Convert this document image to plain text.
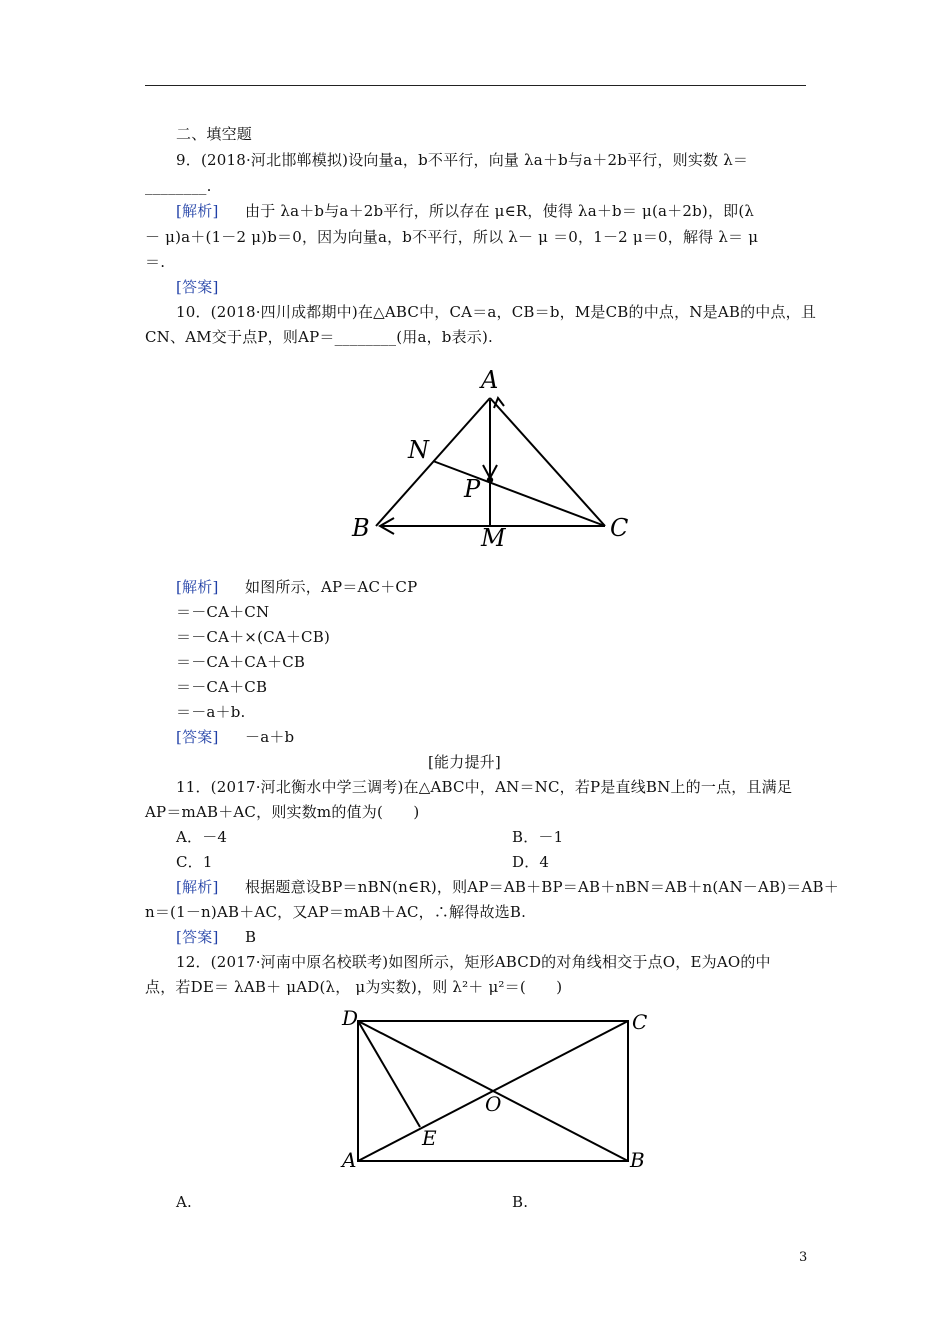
二、填空题
9．(2018·河北邯郸模拟)设向量a，b不平行，向量 λa＋b与a＋2b平行，则实数 λ＝
________.
[解析] 由于 λa＋b与a＋2b平行，所以存在 μ∈R，使得 λa＋b＝ μ(a＋2b)，即(λ
－ μ)a＋(1－2 μ)b＝0，因为向量a，b不平行，所以 λ－ μ ＝0，1－2 μ＝0，解得 λ＝ μ
＝.
[答案]
10．(2018·四川成都期中)在△ABC中，CA＝a，CB＝b，M是CB的中点，N是AB的中点，且
CN、AM交于点P，则AP＝________(用a，b表示).
A
N
P
B	M	C
[解析] 如图所示，AP＝AC＋CP
＝－CA＋CN
＝－CA＋×(CA＋CB)
＝－CA＋CA＋CB
＝－CA＋CB
＝－a＋b.
[答案] －a＋b
[能力提升]
11．(2017·河北衡水中学三调考)在△ABC中，AN＝NC，若P是直线BN上的一点，且满足
AP＝mAB＋AC，则实数m的值为(　　)
A．－4	B．－1
C．1	D．4
[解析] 根据题意设BP＝nBN(n∈R)，则AP＝AB＋BP＝AB＋nBN＝AB＋n(AN－AB)＝AB＋
n＝(1－n)AB＋AC，又AP＝mAB＋AC，∴解得故选B.
[答案] B
12．(2017·河南中原名校联考)如图所示，矩形ABCD的对角线相交于点O，E为AO的中
点，若DE＝ λAB＋ μAD(λ， μ为实数)，则 λ²＋ μ²＝(　　)
D	C
O
E
A	B
A.	B.
3
